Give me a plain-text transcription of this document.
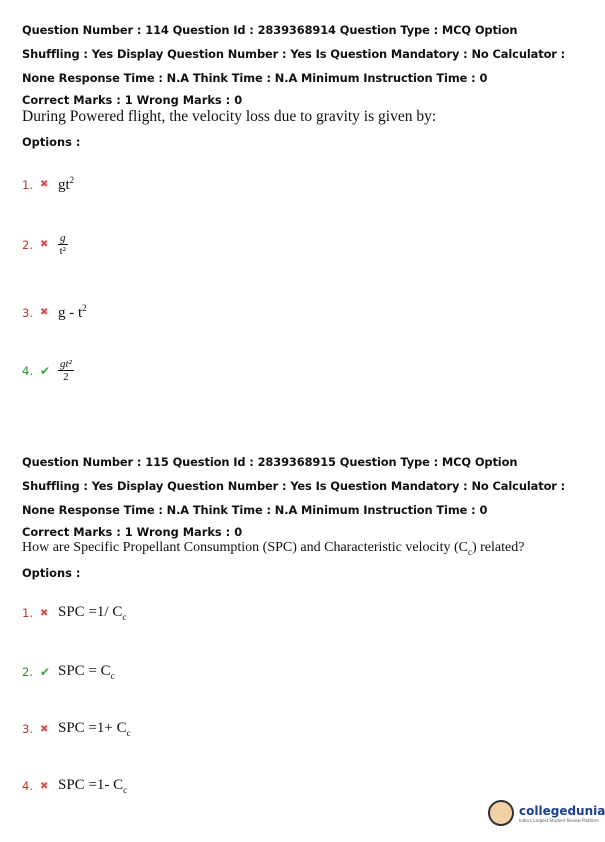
Question Number : 114 Question Id : 2839368914 Question Type : MCQ Option Shuffling : Yes Display Question Number : Yes Is Question Mandatory : No Calculator : None Response Time : N.A Think Time : N.A Minimum Instruction Time : 0
Correct Marks : 1 Wrong Marks : 0
During Powered flight, the velocity loss due to gravity is given by:
Options :
1. ✖ $gt^2$
2. ✖ $\frac{g}{\text{t²}}$
3. ✖ g - $t^2$
4. ✔ $\frac{\text{gt²}}{2}$
Question Number : 115 Question Id : 2839368915 Question Type : MCQ Option Shuffling : Yes Display Question Number : Yes Is Question Mandatory : No Calculator : None Response Time : N.A Think Time : N.A Minimum Instruction Time : 0
Correct Marks : 1 Wrong Marks : 0
How are Specific Propellant Consumption (SPC) and Characteristic velocity $(C_c)$ related?
Options :
1. ✖ SPC =1/ $C_c$
2. ✔ SPC = $C_c$
3. ✖ SPC $=1+ C_c$
4. ✖ SPC =1- $C_c$
collegedunia
India's Largest Student Review Platform
